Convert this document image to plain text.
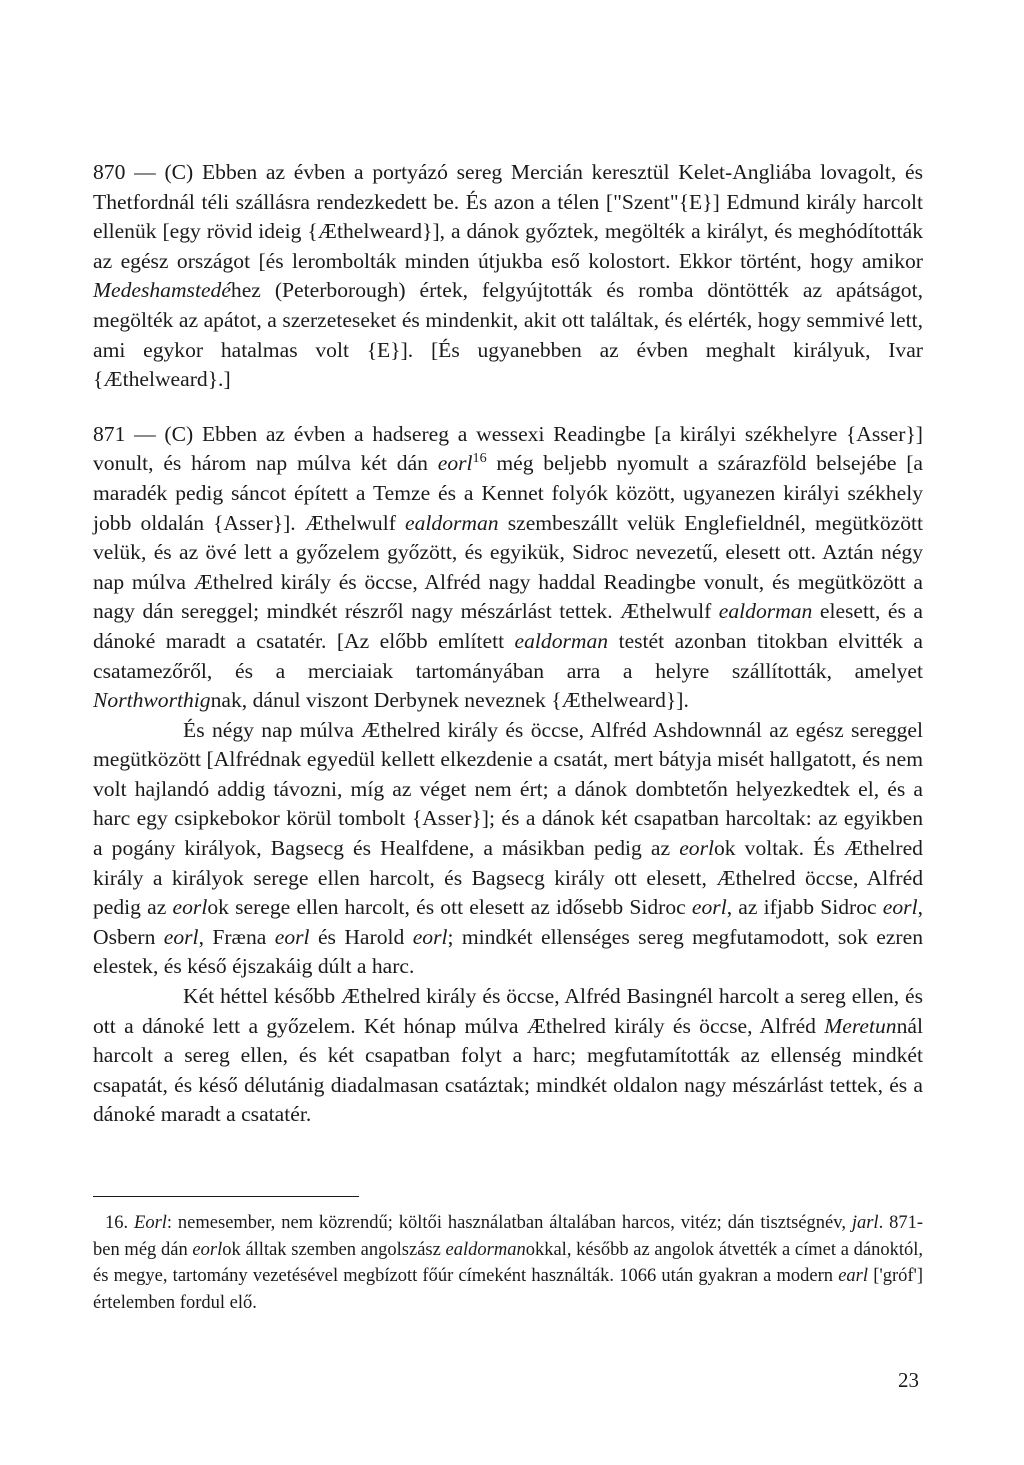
870 — (C) Ebben az évben a portyázó sereg Mercián keresztül Kelet-Angliába lovagolt, és Thetfordnál téli szállásra rendezkedett be. És azon a télen ["Szent"{E}] Edmund király harcolt ellenük [egy rövid ideig {Æthelweard}], a dánok győztek, megölték a királyt, és meghódították az egész országot [és lerombolták minden útjukba eső kolostort. Ekkor történt, hogy amikor Medeshamstedéhez (Peterborough) értek, felgyújtották és romba döntötték az apátságot, megölték az apátot, a szerzeteseket és mindenkit, akit ott találtak, és elérték, hogy semmivé lett, ami egykor hatalmas volt {E}]. [És ugyanebben az évben meghalt királyuk, Ivar {Æthelweard}.]

871 — (C) Ebben az évben a hadsereg a wessexi Readingbe [a királyi székhelyre {Asser}] vonult, és három nap múlva két dán eorl$^{16}$ még beljebb nyomult a szárazföld belsejébe [a maradék pedig sáncot épített a Temze és a Kennet folyók között, ugyanezen királyi székhely jobb oldalán {Asser}]. Æthelwulf ealdorman szembeszállt velük Englefieldnél, megütközött velük, és az övé lett a győzelem győzött, és egyikük, Sidroc nevezetű, elesett ott. Aztán négy nap múlva Æthelred király és öccse, Alfréd nagy haddal Readingbe vonult, és megütközött a nagy dán sereggel; mindkét részről nagy mészárlást tettek. Æthelwulf ealdorman elesett, és a dánoké maradt a csatatér. [Az előbb említett ealdorman testét azonban titokban elvitték a csatamezőről, és a merciaiak tartományában arra a helyre szállították, amelyet Northworthignak, dánul viszont Derbynek neveznek {Æthelweard}].

És négy nap múlva Æthelred király és öccse, Alfréd Ashdownnál az egész sereggel megütközött [Alfrédnak egyedül kellett elkezdenie a csatát, mert bátyja misét hallgatott, és nem volt hajlandó addig távozni, míg az véget nem ért; a dánok dombtetőn helyezkedtek el, és a harc egy csipkebokor körül tombolt {Asser}]; és a dánok két csapatban harcoltak: az egyikben a pogány királyok, Bagsecg és Healfdene, a másikban pedig az eorlok voltak. És Æthelred király a királyok serege ellen harcolt, és Bagsecg király ott elesett, Æthelred öccse, Alfréd pedig az eorlok serege ellen harcolt, és ott elesett az idősebb Sidroc eorl, az ifjabb Sidroc eorl, Osbern eorl, Fræna eorl és Harold eorl; mindkét ellenséges sereg megfutamodott, sok ezren elestek, és késő éjszakáig dúlt a harc.

Két héttel később Æthelred király és öccse, Alfréd Basingnél harcolt a sereg ellen, és ott a dánoké lett a győzelem. Két hónap múlva Æthelred király és öccse, Alfréd Meretunnál harcolt a sereg ellen, és két csapatban folyt a harc; megfutamították az ellenség mindkét csapatát, és késő délutánig diadalmasan csatáztak; mindkét oldalon nagy mészárlást tettek, és a dánoké maradt a csatatér.

16. Eorl: nemesember, nem közrendű; költői használatban általában harcos, vitéz; dán tisztségnév, jarl. 871-ben még dán eorlok álltak szemben angolszász ealdormanokkal, később az angolok átvették a címet a dánoktól, és megye, tartomány vezetésével megbízott főúr címeként használták. 1066 után gyakran a modern earl ['gróf'] értelemben fordul elő.

23
